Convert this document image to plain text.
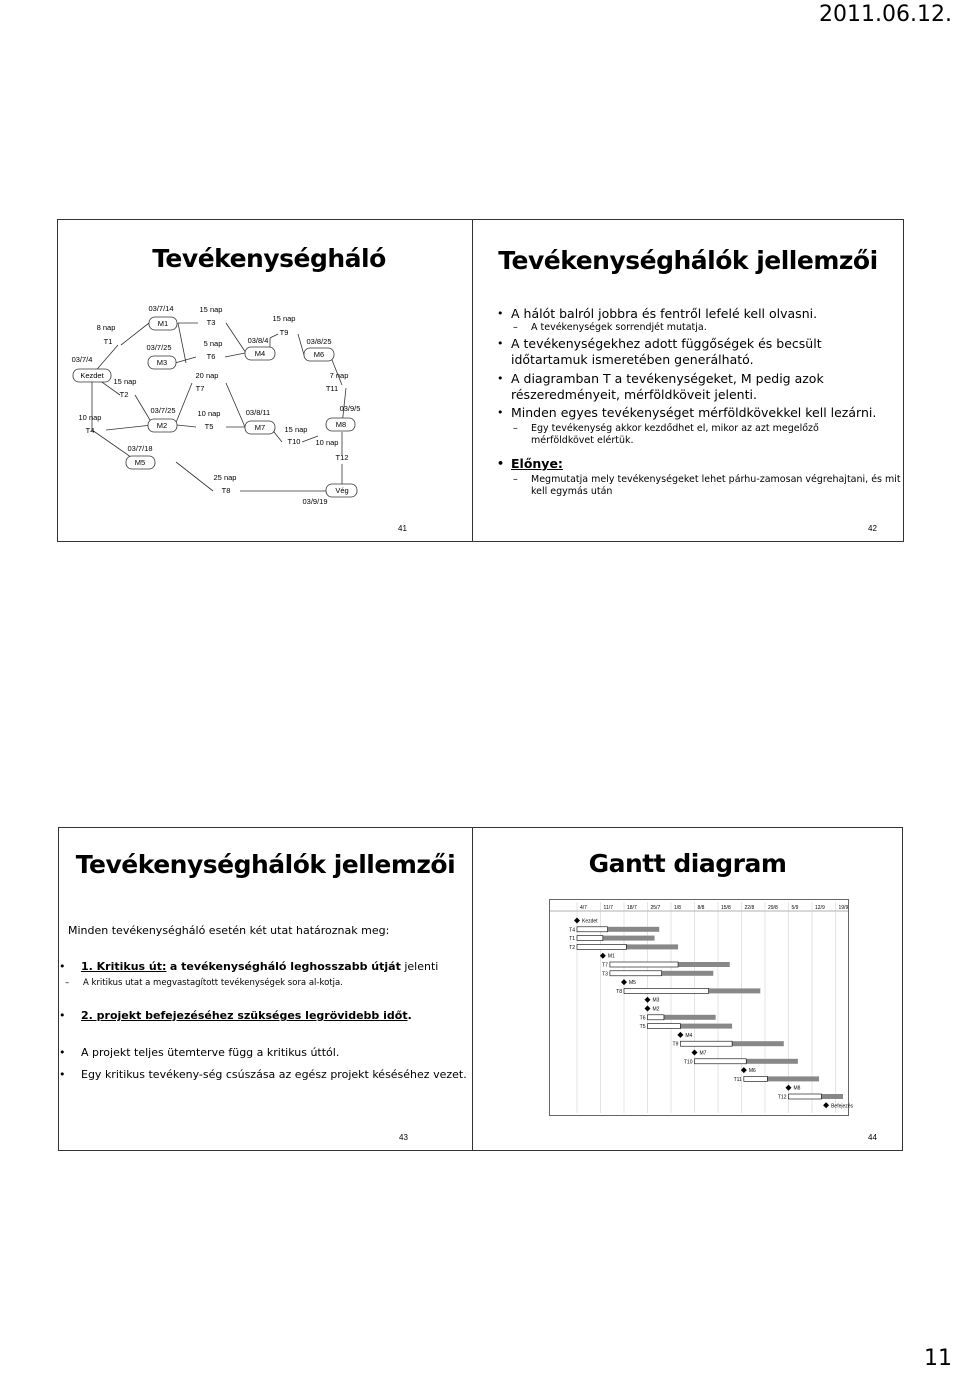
2011.06.12.
Tevékenységháló
Kezdet
M1
M3
M2
M5
M4
M7
M6
M8
Vég
T1
T2
T3
T4	T5
T6
T7
T8
T9
T10
T11
T12
8 nap
15 nap
15 nap
10 nap	10 nap
5 nap
20 nap
25 nap
15 nap
15 nap
7 nap
10 nap
03/7/4
03/7/14
03/7/25
03/7/25
03/7/18
03/8/4
03/8/11
03/8/25
03/9/5
03/9/19
41
Tevékenységhálók jellemzői
• A hálót balról jobbra és fentről lefelé kell olvasni.
– A tevékenységek sorrendjét mutatja.
• A tevékenységekhez adott függőségek és becsült időtartamuk ismeretében generálható.
• A diagramban T a tevékenységeket, M pedig azok részeredményeit, mérföldköveit jelenti.
• Minden egyes tevékenységet mérföldkövekkel kell lezárni.
– Egy tevékenység akkor kezdődhet el, mikor az azt megelőző mérföldkövet elértük.
• Előnye:
– Megmutatja mely tevékenységeket lehet párhu-zamosan végrehajtani, és mit kell egymás után
42
Tevékenységhálók jellemzői
Minden tevékenységháló esetén két utat határoznak meg:
• 1. Kritikus út: a tevékenységháló leghosszabb útját jelenti
– A kritikus utat a megvastagított tevékenységek sora al-kotja.
• 2. projekt befejezéséhez szükséges legrövidebb időt.
• A projekt teljes ütemterve függ a kritikus úttól.
• Egy kritikus tevékeny-ség csúszása az egész projekt késéséhez vezet.
43
Gantt diagram
4/7	11/7	18/7	25/7	1/8	8/8	15/8	22/8	29/8	5/9	12/9	19/9
Kezdet
T4
T1
T2
M1
T7
T3
M5
T8
M3
M2
T6
T5
M4
T9
M7
T10
M6
T11
M8
T12
Befejezés
44
11
